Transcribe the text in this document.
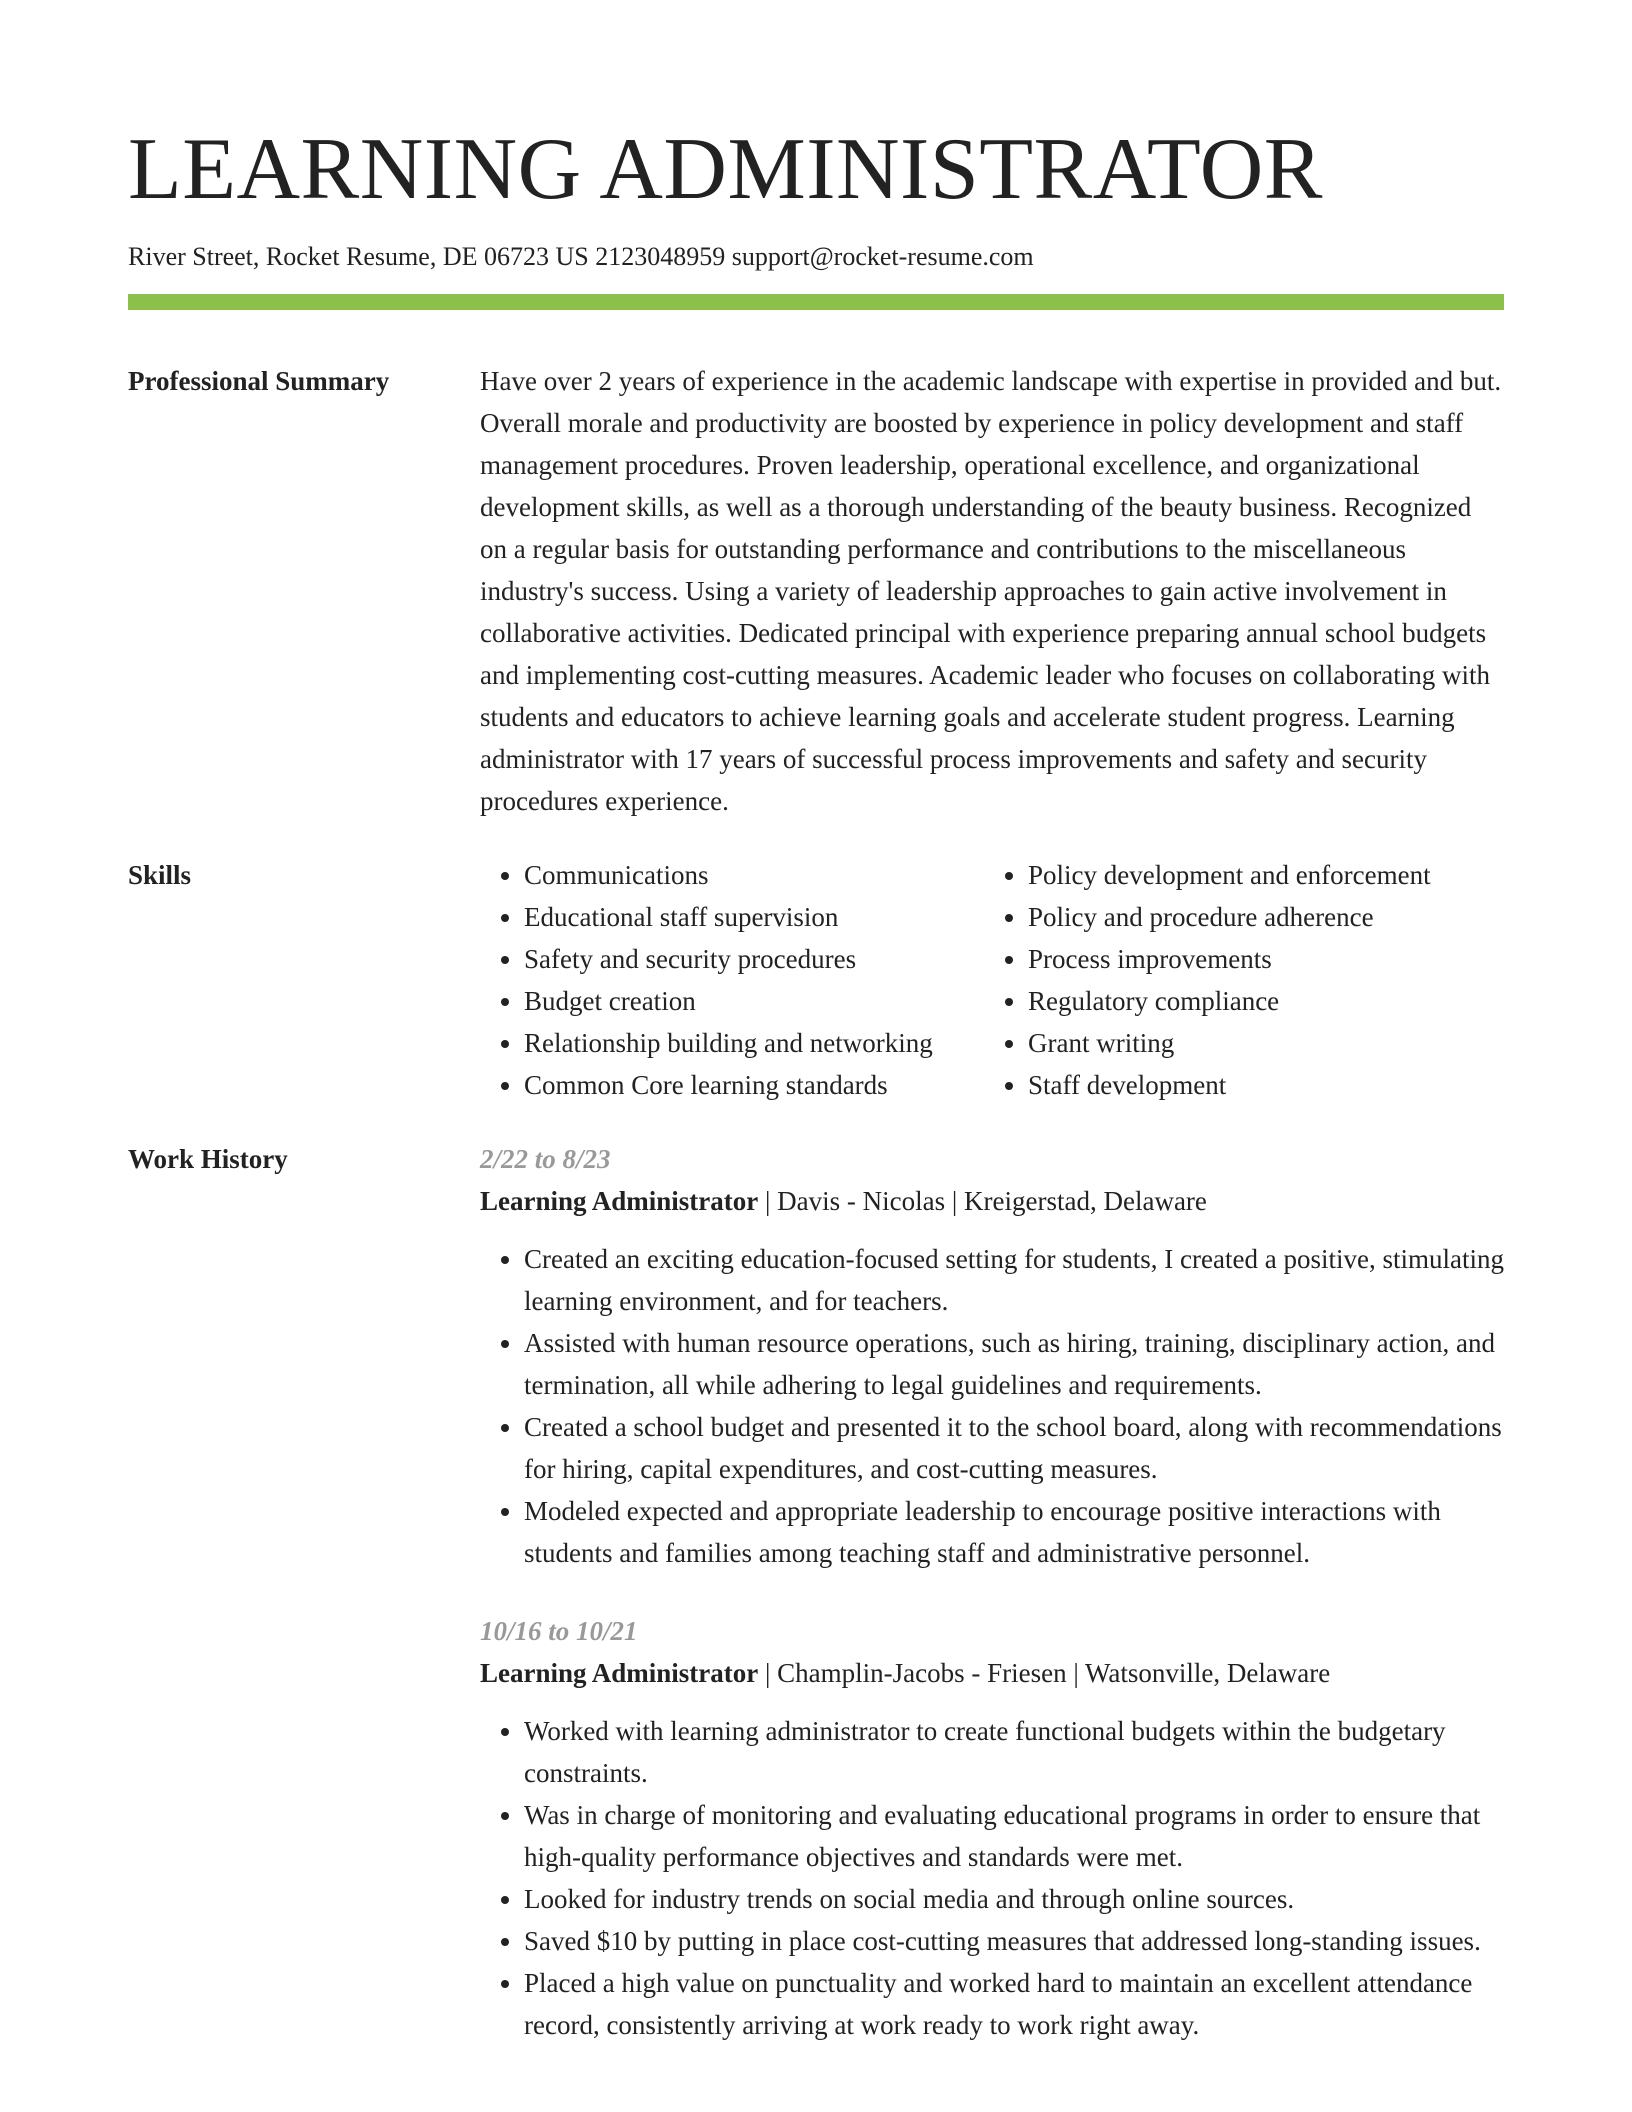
LEARNING ADMINISTRATOR
River Street, Rocket Resume, DE 06723 US 2123048959 support@rocket-resume.com
Professional Summary	Have over 2 years of experience in the academic landscape with expertise in provided and but. Overall morale and productivity are boosted by experience in policy development and staff management procedures. Proven leadership, operational excellence, and organizational development skills, as well as a thorough understanding of the beauty business. Recognized on a regular basis for outstanding performance and contributions to the miscellaneous industry's success. Using a variety of leadership approaches to gain active involvement in collaborative activities. Dedicated principal with experience preparing annual school budgets and implementing cost-cutting measures. Academic leader who focuses on collaborating with students and educators to achieve learning goals and accelerate student progress. Learning administrator with 17 years of successful process improvements and safety and security procedures experience.

Skills
•	Communications
• Educational staff supervision
• Safety and security procedures
• Budget creation
• Relationship building and networking
• Common Core learning standards
• Policy development and enforcement
• Policy and procedure adherence
• Process improvements
• Regulatory compliance
• Grant writing
• Staff development
Work History	2/22 to 8/23
Learning Administrator | Davis - Nicolas | Kreigerstad, Delaware
• Created an exciting education-focused setting for students, I created a positive, stimulating learning environment, and for teachers.
• Assisted with human resource operations, such as hiring, training, disciplinary action, and termination, all while adhering to legal guidelines and requirements.
• Created a school budget and presented it to the school board, along with recommendations for hiring, capital expenditures, and cost-cutting measures.
• Modeled expected and appropriate leadership to encourage positive interactions with students and families among teaching staff and administrative personnel.
10/16 to 10/21
Learning Administrator | Champlin-Jacobs - Friesen | Watsonville, Delaware
• Worked with learning administrator to create functional budgets within the budgetary constraints.
• Was in charge of monitoring and evaluating educational programs in order to ensure that high-quality performance objectives and standards were met.
• Looked for industry trends on social media and through online sources.
• Saved $10 by putting in place cost-cutting measures that addressed long-standing issues.
• Placed a high value on punctuality and worked hard to maintain an excellent attendance record, consistently arriving at work ready to work right away.
